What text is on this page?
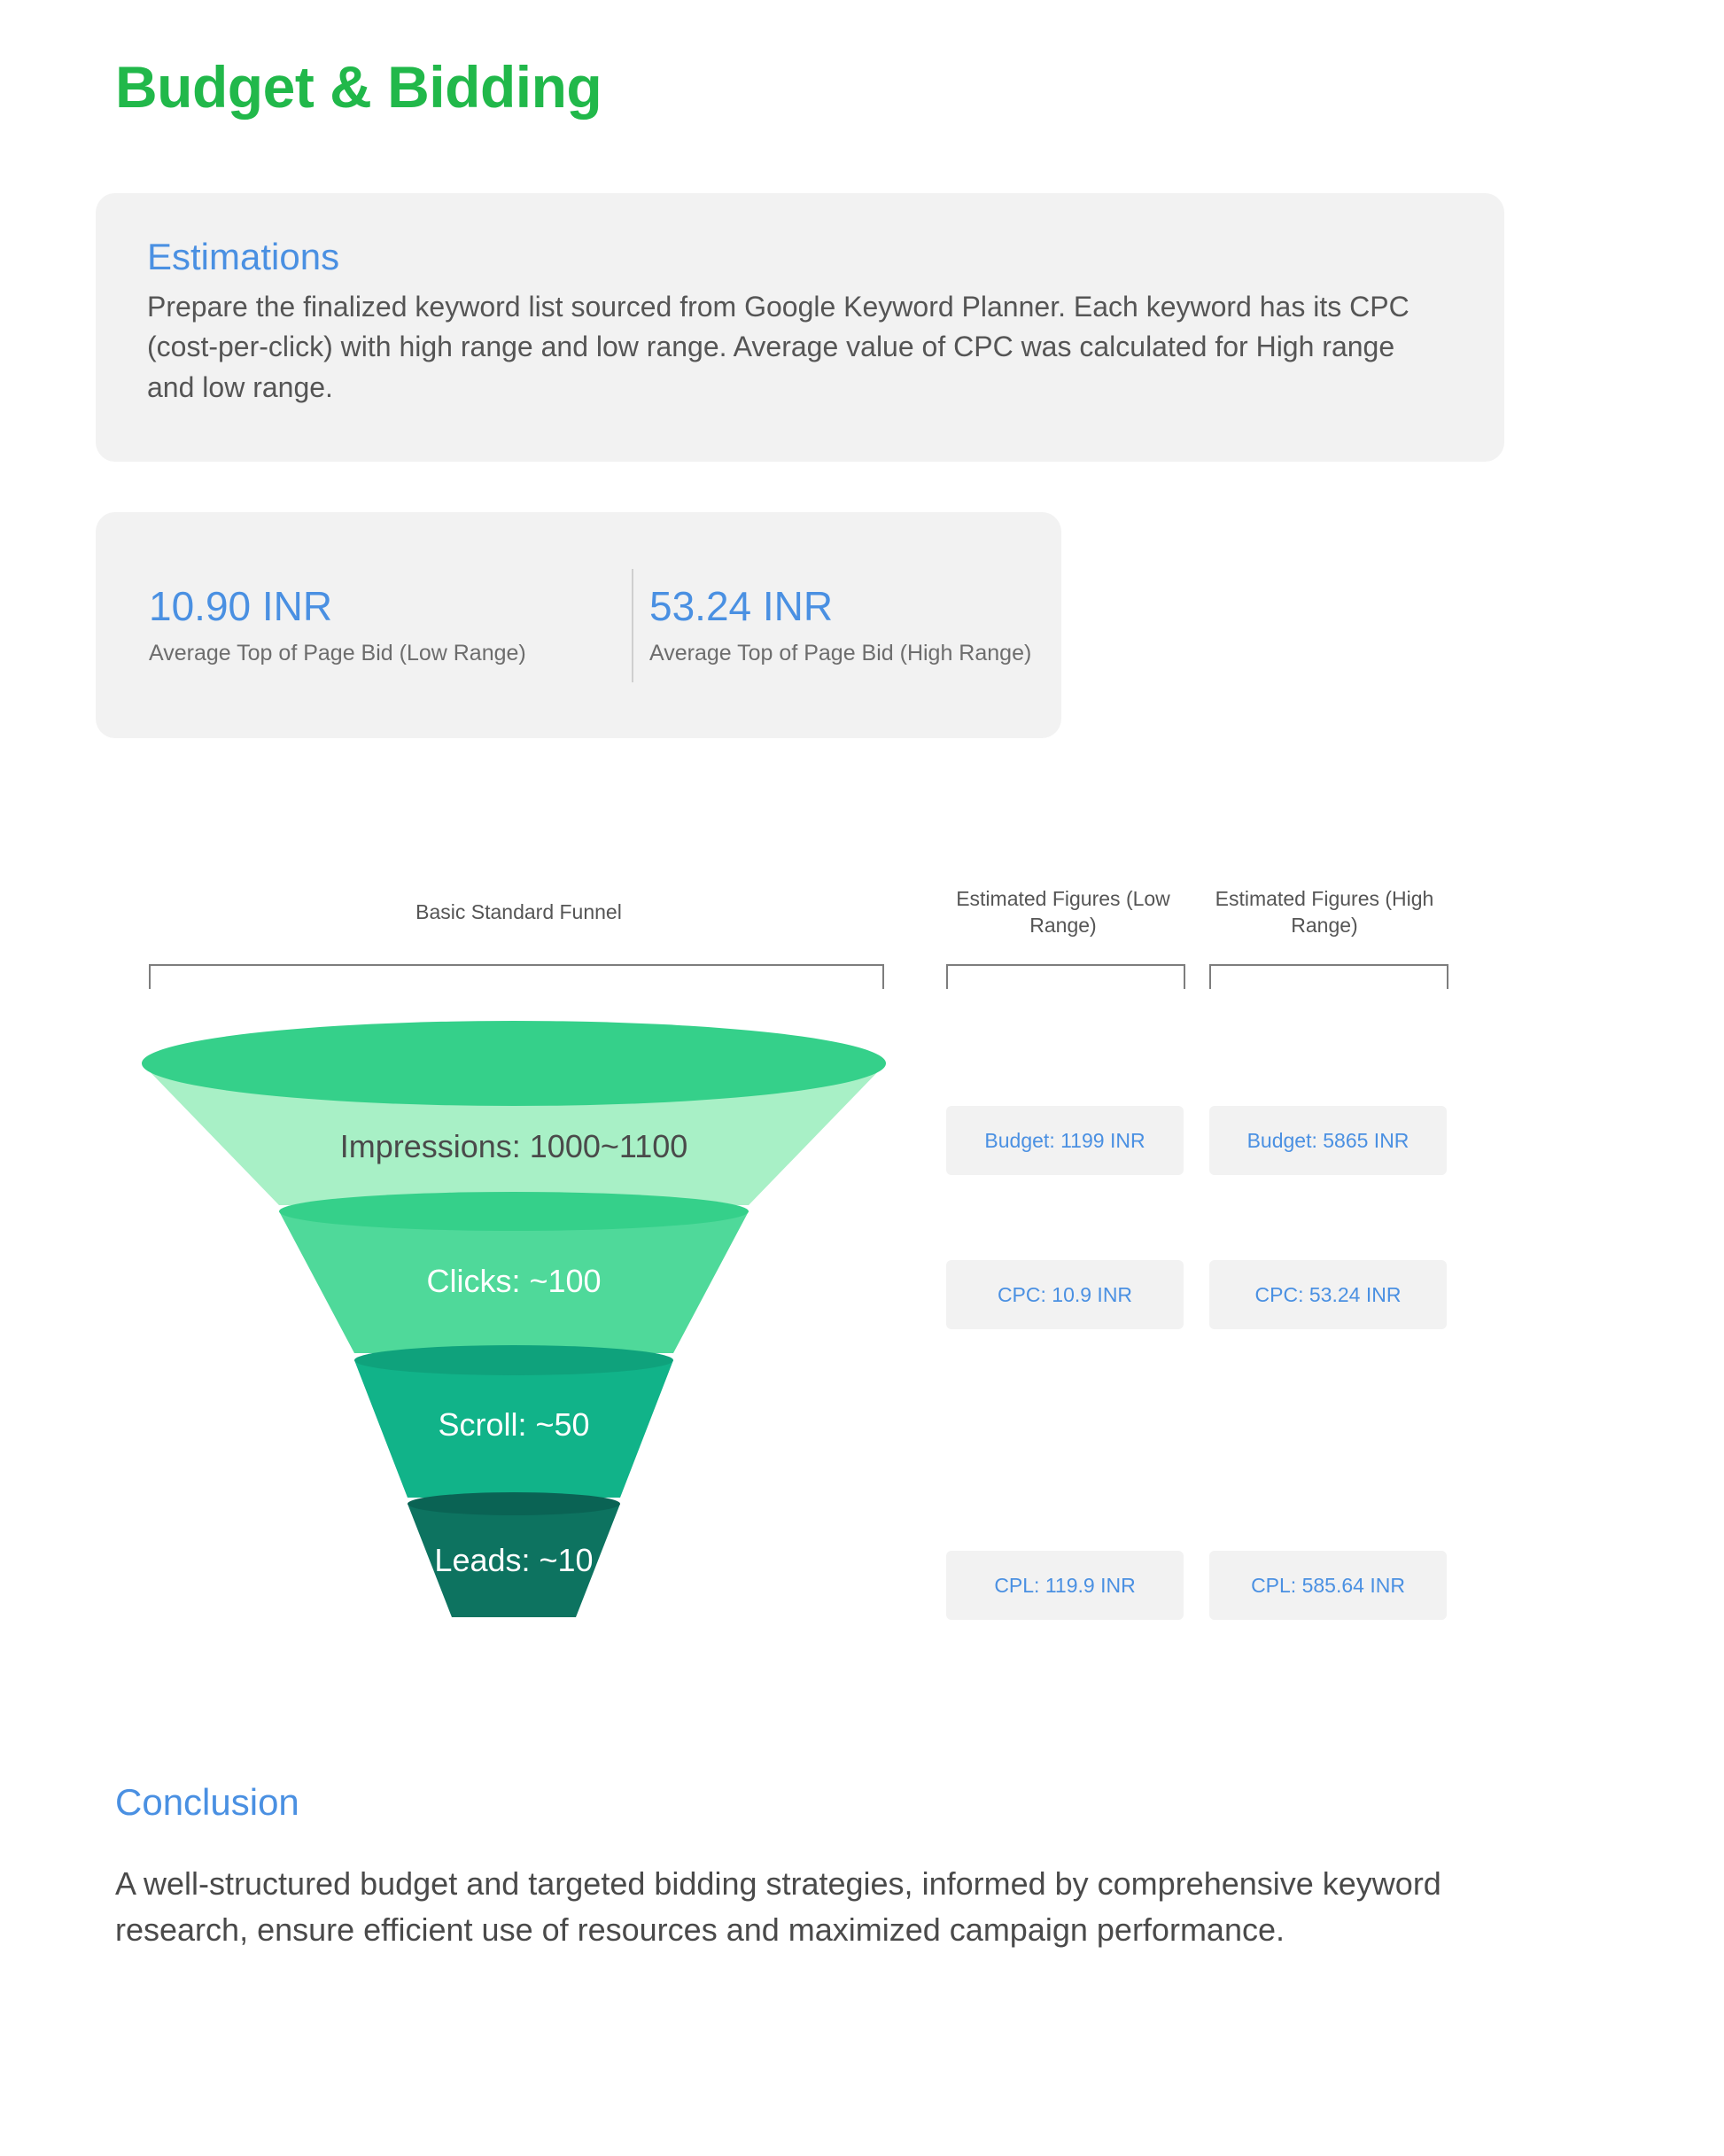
Budget & Bidding
Estimations
Prepare the finalized keyword list sourced from Google Keyword Planner. Each keyword has its CPC (cost-per-click) with high range and low range. Average value of CPC was calculated for High range and low range.
10.90 INR
Average Top of Page Bid (Low Range)
53.24 INR
Average Top of Page Bid (High Range)
Basic Standard Funnel
Estimated Figures (Low Range)
Estimated Figures (High Range)
Impressions: 1000~1100
Clicks: ~100
Scroll: ~50
Leads: ~10
Budget: 1199 INR	Budget: 5865 INR
CPC: 10.9 INR	CPC: 53.24 INR
CPL: 119.9 INR	CPL: 585.64 INR
Conclusion
A well-structured budget and targeted bidding strategies, informed by comprehensive keyword research, ensure efficient use of resources and maximized campaign performance.
